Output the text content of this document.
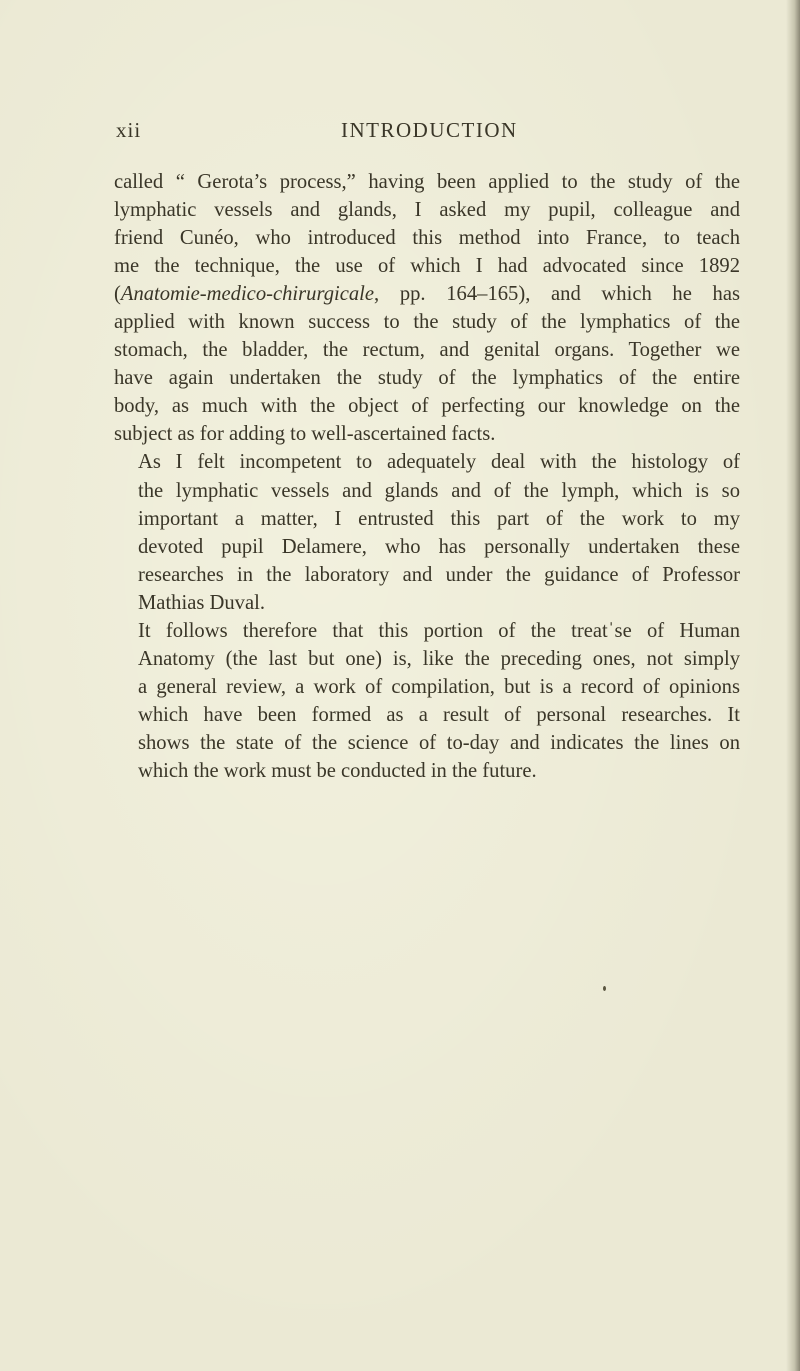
xii	INTRODUCTION

called “ Gerota’s process,” having been applied to the study of the
lymphatic vessels and glands, I asked my pupil, colleague and
friend Cunéo, who introduced this method into France, to teach
me the technique, the use of which I had advocated since 1892
(Anatomie-medico-chirurgicale, pp. 164–165), and which he has
applied with known success to the study of the lymphatics of the
stomach, the bladder, the rectum, and genital organs. Together we
have again undertaken the study of the lymphatics of the entire
body, as much with the object of perfecting our knowledge on the
subject as for adding to well-ascertained facts.

As I felt incompetent to adequately deal with the histology of
the lymphatic vessels and glands and of the lymph, which is so
important a matter, I entrusted this part of the work to my
devoted pupil Delamere, who has personally undertaken these
researches in the laboratory and under the guidance of Professor
Mathias Duval.

It follows therefore that this portion of the treatˈse of Human
Anatomy (the last but one) is, like the preceding ones, not simply
a general review, a work of compilation, but is a record of opinions
which have been formed as a result of personal researches. It
shows the state of the science of to-day and indicates the lines on
which the work must be conducted in the future.
